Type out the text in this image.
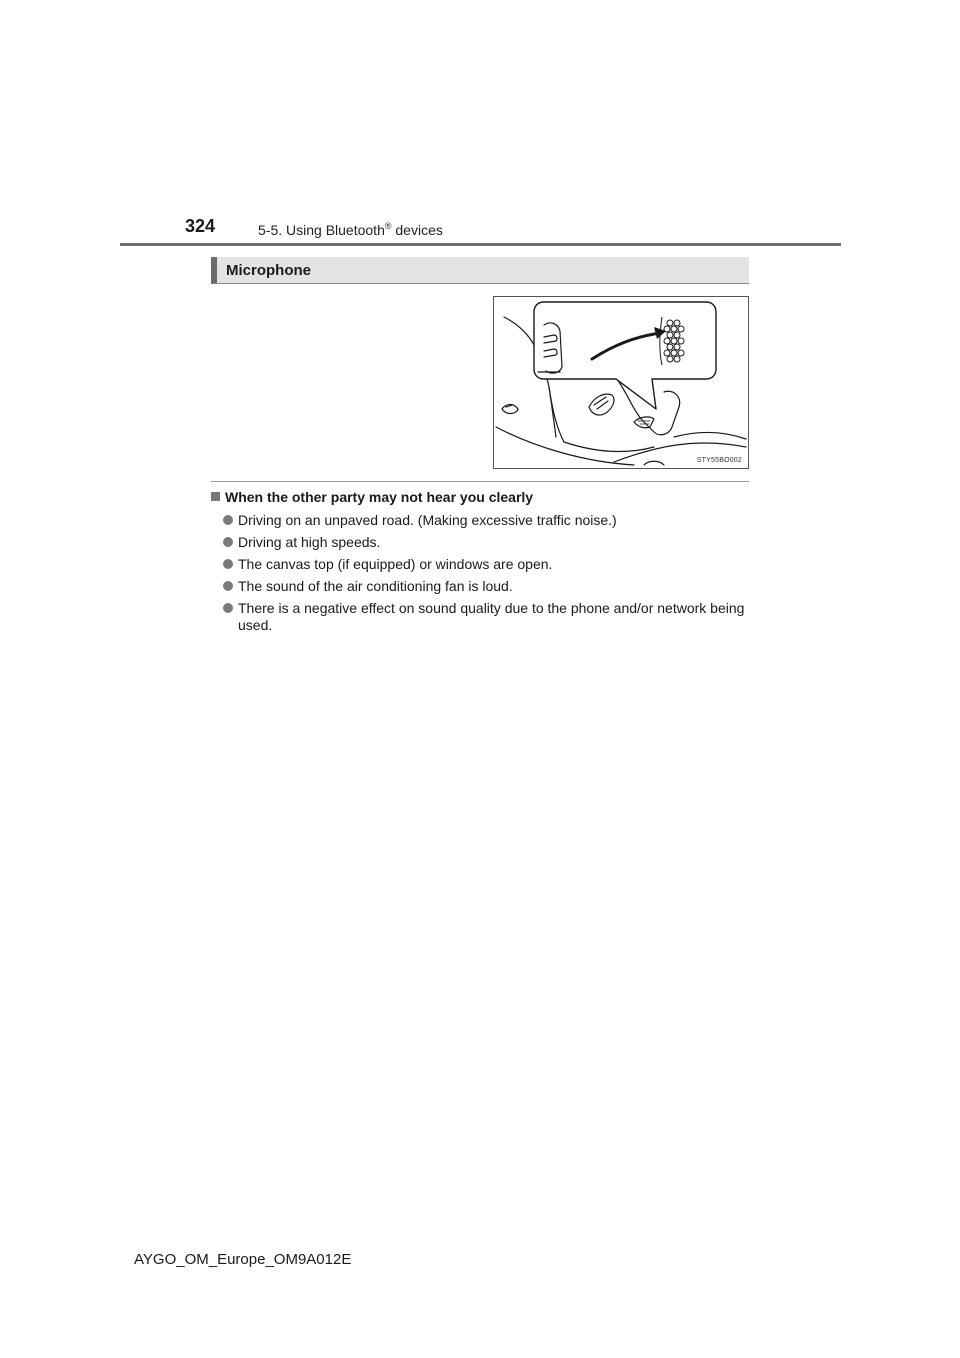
324	5-5. Using Bluetooth® devices
Microphone
STY55BO002
When the other party may not hear you clearly
Driving on an unpaved road. (Making excessive traffic noise.)
Driving at high speeds.
The canvas top (if equipped) or windows are open.
The sound of the air conditioning fan is loud.
There is a negative effect on sound quality due to the phone and/or network being used.
AYGO_OM_Europe_OM9A012E
